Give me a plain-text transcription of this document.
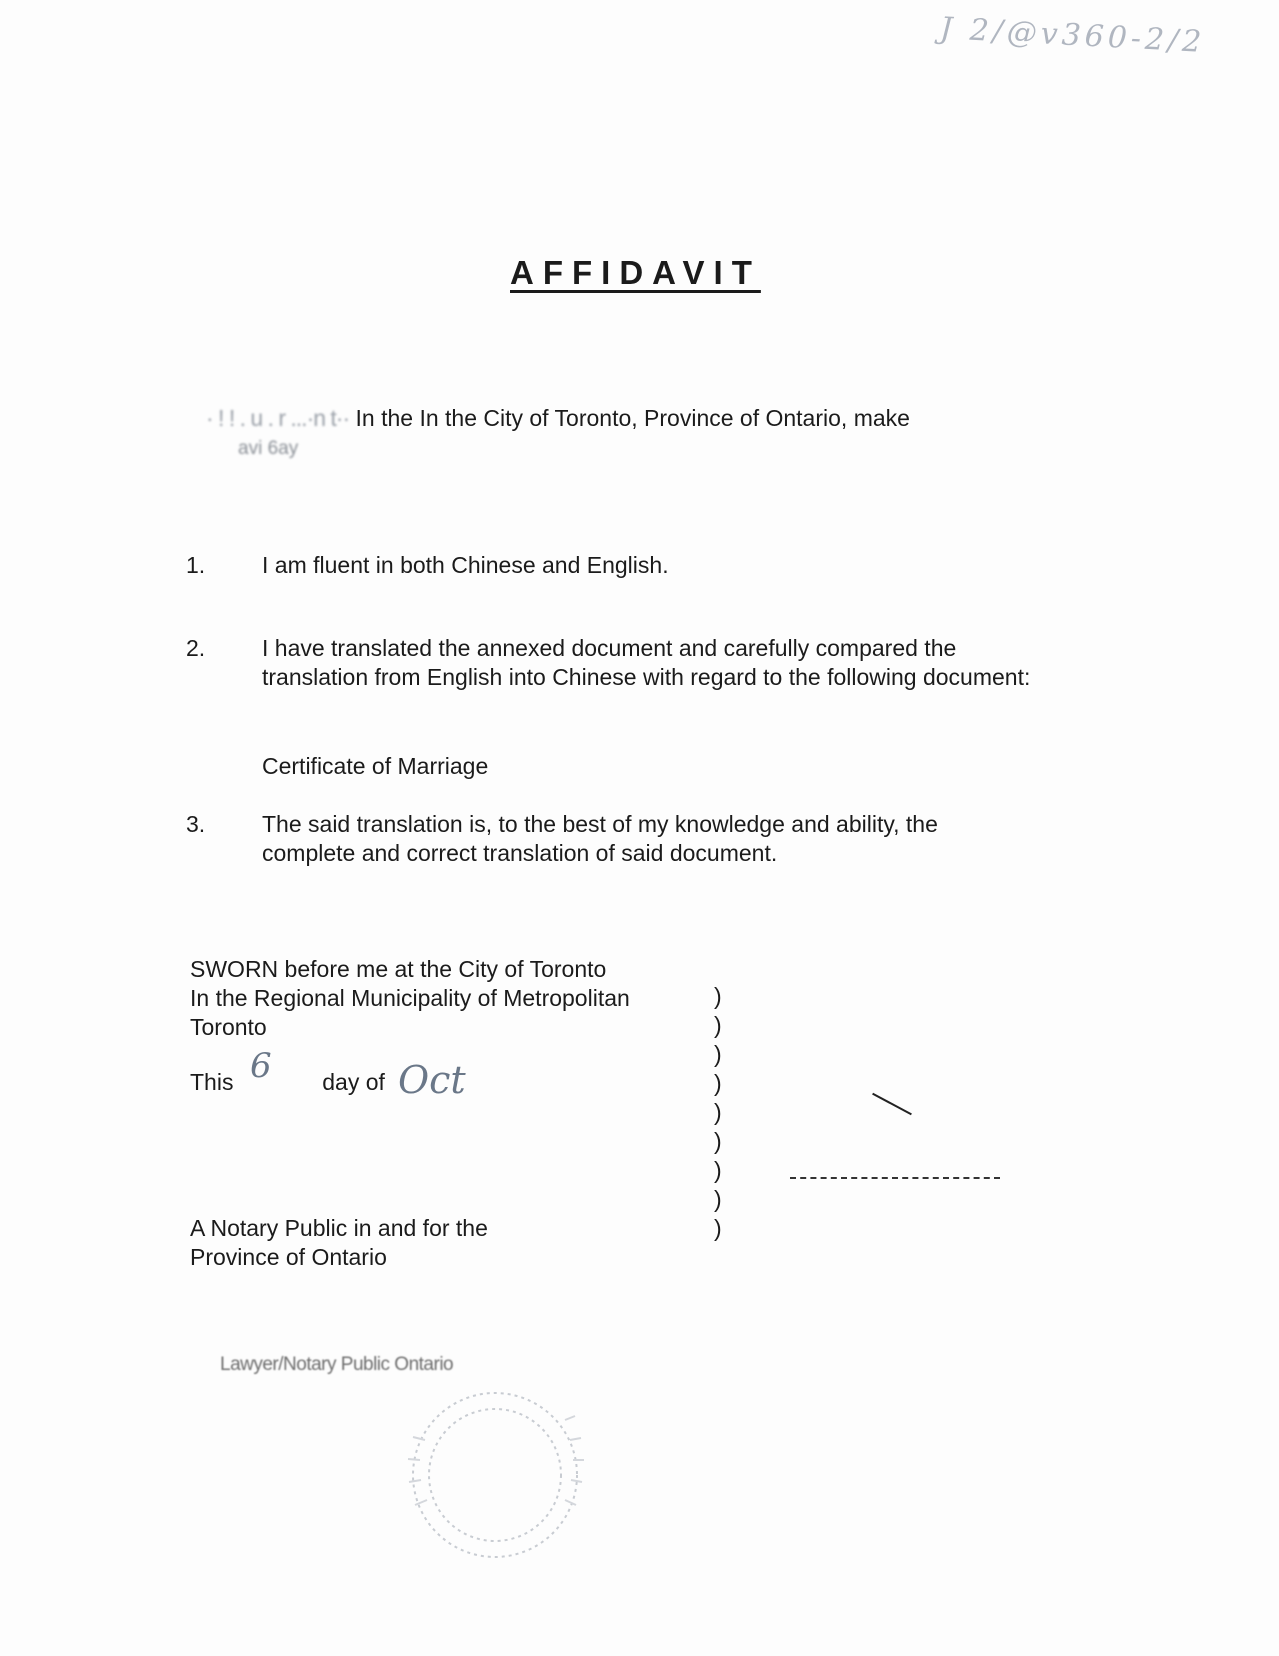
J 2/@v360-2/2
AFFIDAVIT
· ! ! . u . r ...·n t·· In the In the City of Toronto, Province of Ontario, make
avi 6ay
1. I am fluent in both Chinese and English.
2. I have translated the annexed document and carefully compared the translation from English into Chinese with regard to the following document:
Certificate of Marriage
3. The said translation is, to the best of my knowledge and ability, the complete and correct translation of said document.
SWORN before me at the City of Toronto
In the Regional Municipality of Metropolitan
Toronto
This	day of
6	Oct
)
)
)
)
)
)
)
)
)
A Notary Public in and for the
Province of Ontario
Lawyer/Notary Public Ontario
